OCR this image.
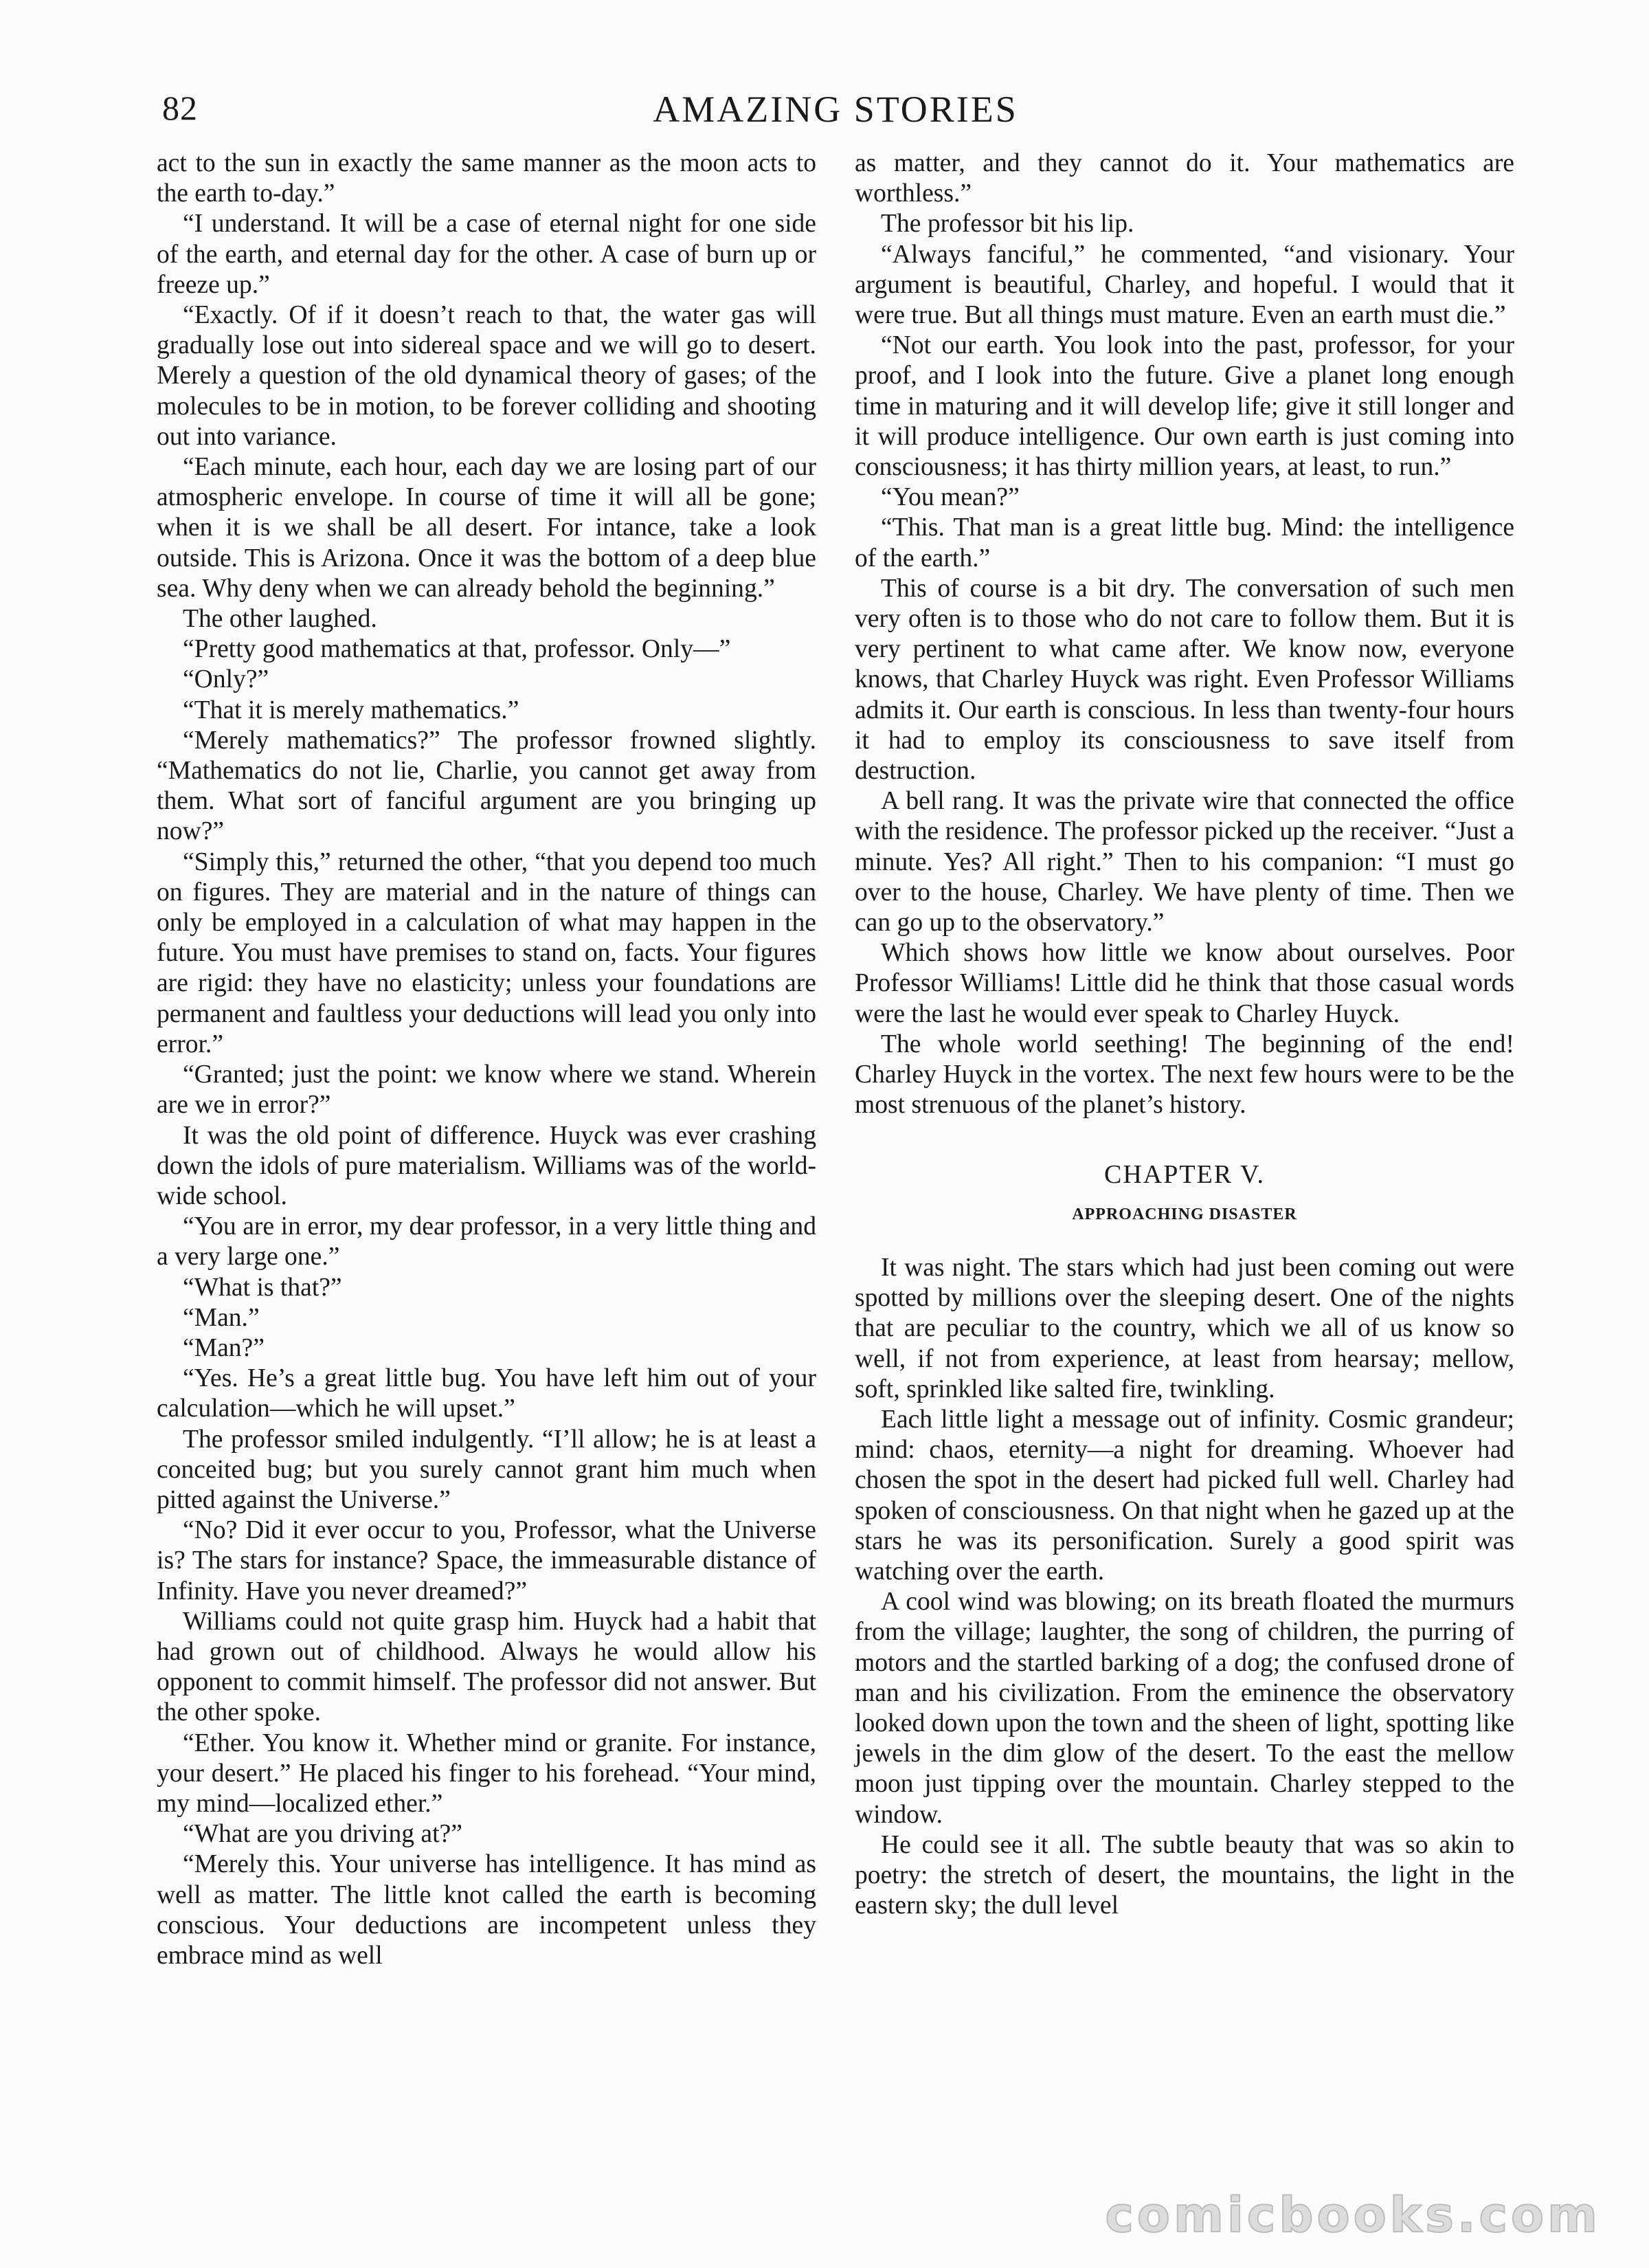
82	AMAZING STORIES

act to the sun in exactly the same manner as the moon acts to the earth to-day.”

“I understand. It will be a case of eternal night for one side of the earth, and eternal day for the other. A case of burn up or freeze up.”

“Exactly. Of if it doesn’t reach to that, the water gas will gradually lose out into sidereal space and we will go to desert. Merely a question of the old dynamical theory of gases; of the molecules to be in motion, to be forever colliding and shooting out into variance.

“Each minute, each hour, each day we are losing part of our atmospheric envelope. In course of time it will all be gone; when it is we shall be all desert. For intance, take a look outside. This is Arizona. Once it was the bottom of a deep blue sea. Why deny when we can already behold the beginning.”

The other laughed.

“Pretty good mathematics at that, professor. Only—”

“Only?”

“That it is merely mathematics.”

“Merely mathematics?” The professor frowned slightly. “Mathematics do not lie, Charlie, you cannot get away from them. What sort of fanciful argument are you bringing up now?”

“Simply this,” returned the other, “that you depend too much on figures. They are material and in the nature of things can only be employed in a calculation of what may happen in the future. You must have premises to stand on, facts. Your figures are rigid: they have no elasticity; unless your foundations are permanent and faultless your deductions will lead you only into error.”

“Granted; just the point: we know where we stand. Wherein are we in error?”

It was the old point of difference. Huyck was ever crashing down the idols of pure materialism. Williams was of the world-wide school.

“You are in error, my dear professor, in a very little thing and a very large one.”

“What is that?”

“Man.”

“Man?”

“Yes. He’s a great little bug. You have left him out of your calculation—which he will upset.”

The professor smiled indulgently. “I’ll allow; he is at least a conceited bug; but you surely cannot grant him much when pitted against the Universe.”

“No? Did it ever occur to you, Professor, what the Universe is? The stars for instance? Space, the immeasurable distance of Infinity. Have you never dreamed?”

Williams could not quite grasp him. Huyck had a habit that had grown out of childhood. Always he would allow his opponent to commit himself. The professor did not answer. But the other spoke.

“Ether. You know it. Whether mind or granite. For instance, your desert.” He placed his finger to his forehead. “Your mind, my mind—localized ether.”

“What are you driving at?”

“Merely this. Your universe has intelligence. It has mind as well as matter. The little knot called the earth is becoming conscious. Your deductions are incompetent unless they embrace mind as well

as matter, and they cannot do it. Your mathematics are worthless.”

The professor bit his lip.

“Always fanciful,” he commented, “and visionary. Your argument is beautiful, Charley, and hopeful. I would that it were true. But all things must mature. Even an earth must die.”

“Not our earth. You look into the past, professor, for your proof, and I look into the future. Give a planet long enough time in maturing and it will develop life; give it still longer and it will produce intelligence. Our own earth is just coming into consciousness; it has thirty million years, at least, to run.”

“You mean?”

“This. That man is a great little bug. Mind: the intelligence of the earth.”

This of course is a bit dry. The conversation of such men very often is to those who do not care to follow them. But it is very pertinent to what came after. We know now, everyone knows, that Charley Huyck was right. Even Professor Williams admits it. Our earth is conscious. In less than twenty-four hours it had to employ its consciousness to save itself from destruction.

A bell rang. It was the private wire that connected the office with the residence. The professor picked up the receiver. “Just a minute. Yes? All right.” Then to his companion: “I must go over to the house, Charley. We have plenty of time. Then we can go up to the observatory.”

Which shows how little we know about ourselves. Poor Professor Williams! Little did he think that those casual words were the last he would ever speak to Charley Huyck.

The whole world seething! The beginning of the end! Charley Huyck in the vortex. The next few hours were to be the most strenuous of the planet’s history.

CHAPTER V.
APPROACHING DISASTER

It was night. The stars which had just been coming out were spotted by millions over the sleeping desert. One of the nights that are peculiar to the country, which we all of us know so well, if not from experience, at least from hearsay; mellow, soft, sprinkled like salted fire, twinkling.

Each little light a message out of infinity. Cosmic grandeur; mind: chaos, eternity—a night for dreaming. Whoever had chosen the spot in the desert had picked full well. Charley had spoken of consciousness. On that night when he gazed up at the stars he was its personification. Surely a good spirit was watching over the earth.

A cool wind was blowing; on its breath floated the murmurs from the village; laughter, the song of children, the purring of motors and the startled barking of a dog; the confused drone of man and his civilization. From the eminence the observatory looked down upon the town and the sheen of light, spotting like jewels in the dim glow of the desert. To the east the mellow moon just tipping over the mountain. Charley stepped to the window.

He could see it all. The subtle beauty that was so akin to poetry: the stretch of desert, the mountains, the light in the eastern sky; the dull level

comicbooks.com
